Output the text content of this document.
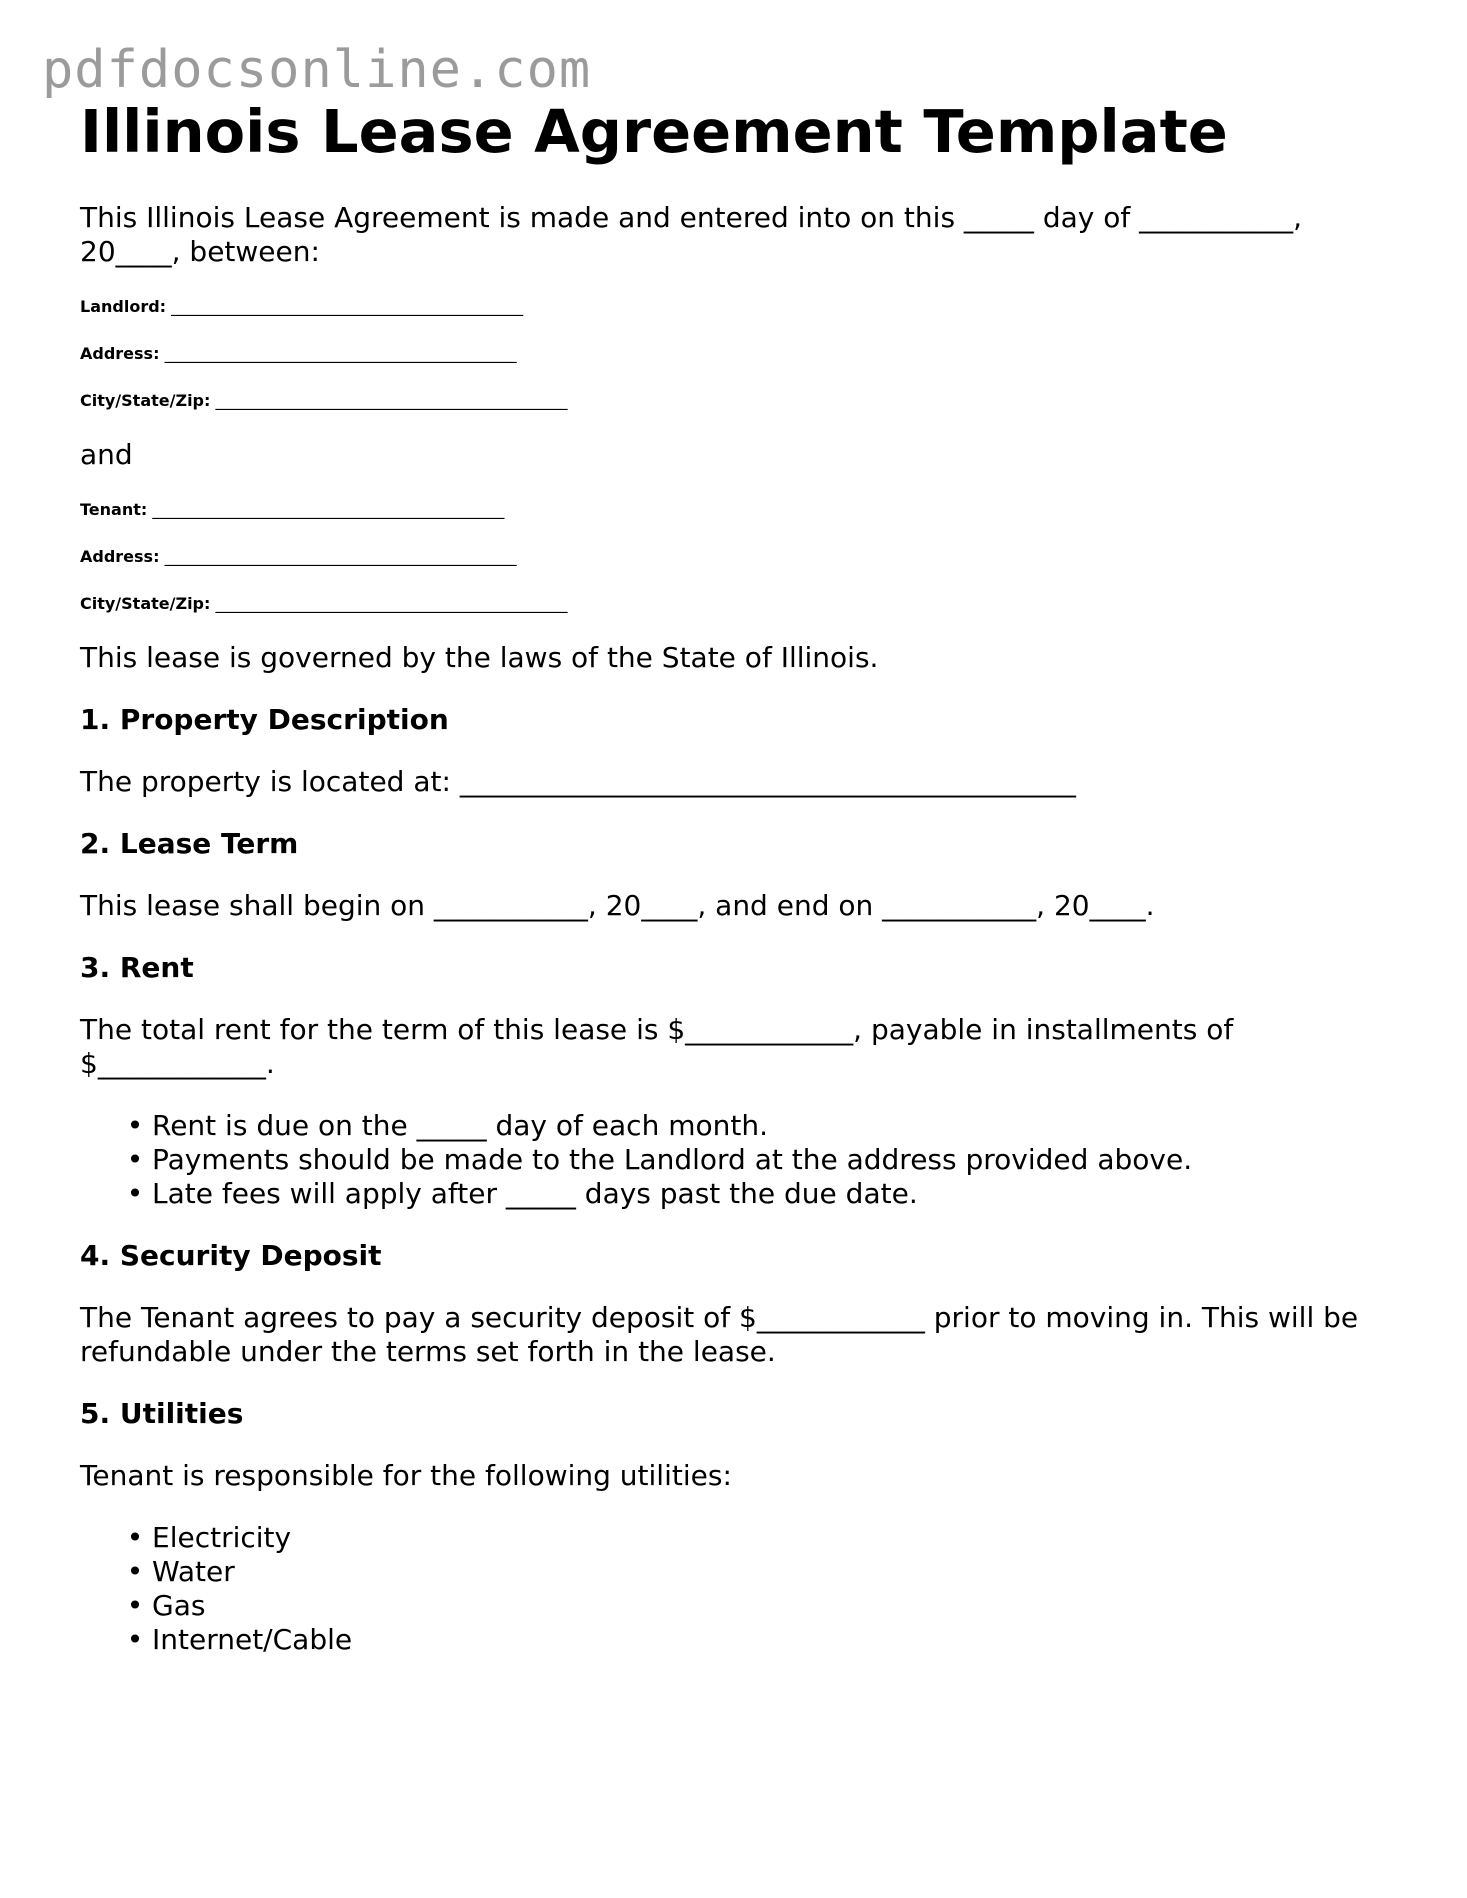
pdfdocsonline.com
Illinois Lease Agreement Template

This Illinois Lease Agreement is made and entered into on this _____ day of ___________, 20____, between:

Landlord: ____________________________________________
Address: ____________________________________________
City/State/Zip: ____________________________________________

and

Tenant: ____________________________________________
Address: ____________________________________________
City/State/Zip: ____________________________________________

This lease is governed by the laws of the State of Illinois.

1. Property Description

The property is located at: ____________________________________________

2. Lease Term

This lease shall begin on ___________, 20____, and end on ___________, 20____.

3. Rent

The total rent for the term of this lease is $____________, payable in installments of $____________.

• Rent is due on the _____ day of each month.
• Payments should be made to the Landlord at the address provided above.
• Late fees will apply after _____ days past the due date.
4. Security Deposit

The Tenant agrees to pay a security deposit of $____________ prior to moving in. This will be refundable under the terms set forth in the lease.

5. Utilities

Tenant is responsible for the following utilities:

• Electricity
• Water
• Gas
• Internet/Cable
